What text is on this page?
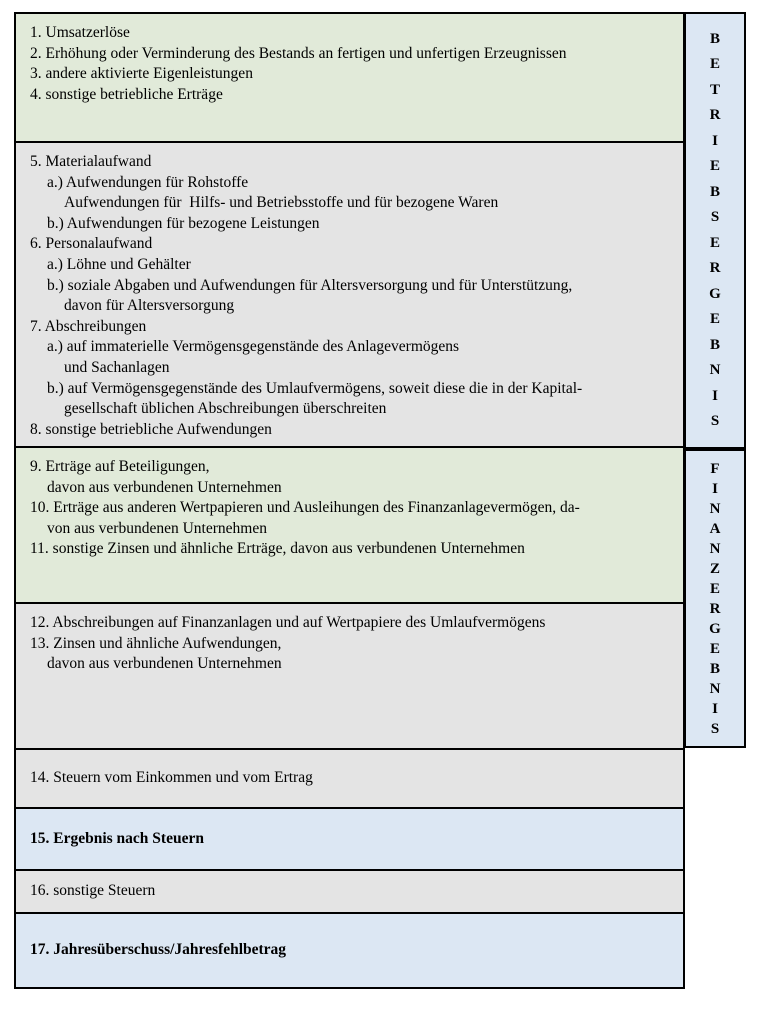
1. Umsatzerlöse
2. Erhöhung oder Verminderung des Bestands an fertigen und unfertigen Erzeugnissen
3. andere aktivierte Eigenleistungen
4. sonstige betriebliche Erträge
5. Materialaufwand
a.) Aufwendungen für Rohstoffe
Aufwendungen für  Hilfs- und Betriebsstoffe und für bezogene Waren
b.) Aufwendungen für bezogene Leistungen
6. Personalaufwand
a.) Löhne und Gehälter
b.) soziale Abgaben und Aufwendungen für Altersversorgung und für Unterstützung,
davon für Altersversorgung
7. Abschreibungen
a.) auf immaterielle Vermögensgegenstände des Anlagevermögens
und Sachanlagen
b.) auf Vermögensgegenstände des Umlaufvermögens, soweit diese die in der Kapital-
gesellschaft üblichen Abschreibungen überschreiten
8. sonstige betriebliche Aufwendungen
9. Erträge auf Beteiligungen,
davon aus verbundenen Unternehmen
10. Erträge aus anderen Wertpapieren und Ausleihungen des Finanzanlagevermögen, da-
von aus verbundenen Unternehmen
11. sonstige Zinsen und ähnliche Erträge, davon aus verbundenen Unternehmen
12. Abschreibungen auf Finanzanlagen und auf Wertpapiere des Umlaufvermögens
13. Zinsen und ähnliche Aufwendungen,
davon aus verbundenen Unternehmen
14. Steuern vom Einkommen und vom Ertrag
15. Ergebnis nach Steuern
16. sonstige Steuern
17. Jahresüberschuss/Jahresfehlbetrag
B
E
T
R
I
E
B
S
E
R
G
E
B
N
I
S
F
I
N
A
N
Z
E
R
G
E
B
N
I
S
